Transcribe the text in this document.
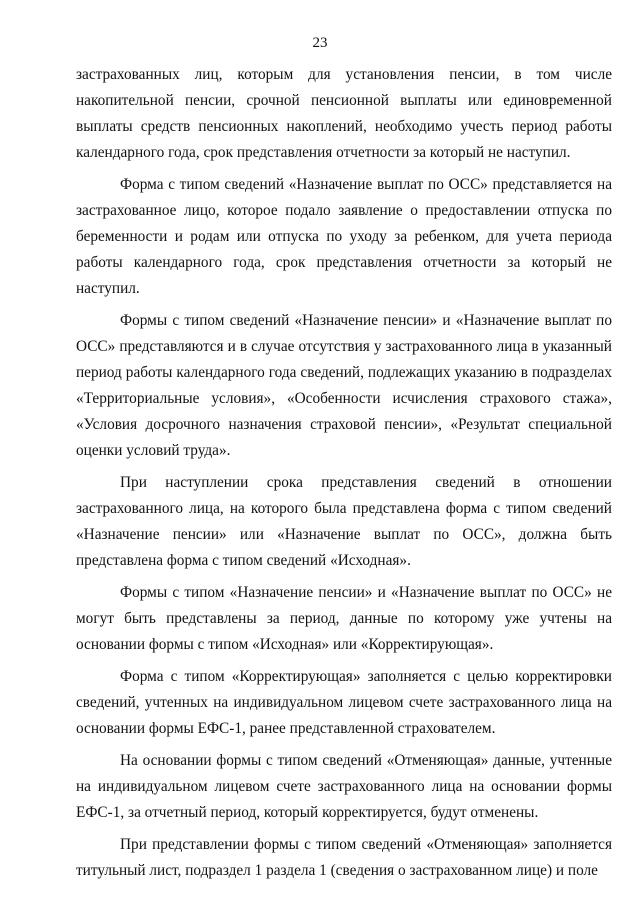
23

застрахованных лиц, которым для установления пенсии, в том числе накопительной пенсии, срочной пенсионной выплаты или единовременной выплаты средств пенсионных накоплений, необходимо учесть период работы календарного года, срок представления отчетности за который не наступил.

Форма с типом сведений «Назначение выплат по ОСС» представляется на застрахованное лицо, которое подало заявление о предоставлении отпуска по беременности и родам или отпуска по уходу за ребенком, для учета периода работы календарного года, срок представления отчетности за который не наступил.

Формы с типом сведений «Назначение пенсии» и «Назначение выплат по ОСС» представляются и в случае отсутствия у застрахованного лица в указанный период работы календарного года сведений, подлежащих указанию в подразделах «Территориальные условия», «Особенности исчисления страхового стажа», «Условия досрочного назначения страховой пенсии», «Результат специальной оценки условий труда».

При наступлении срока представления сведений в отношении застрахованного лица, на которого была представлена форма с типом сведений «Назначение пенсии» или «Назначение выплат по ОСС», должна быть представлена форма с типом сведений «Исходная».

Формы с типом «Назначение пенсии» и «Назначение выплат по ОСС» не могут быть представлены за период, данные по которому уже учтены на основании формы с типом «Исходная» или «Корректирующая».

Форма с типом «Корректирующая» заполняется с целью корректировки сведений, учтенных на индивидуальном лицевом счете застрахованного лица на основании формы ЕФС-1, ранее представленной страхователем.

На основании формы с типом сведений «Отменяющая» данные, учтенные на индивидуальном лицевом счете застрахованного лица на основании формы ЕФС-1, за отчетный период, который корректируется, будут отменены.

При представлении формы с типом сведений «Отменяющая» заполняется титульный лист, подраздел 1 раздела 1 (сведения о застрахованном лице) и поле
